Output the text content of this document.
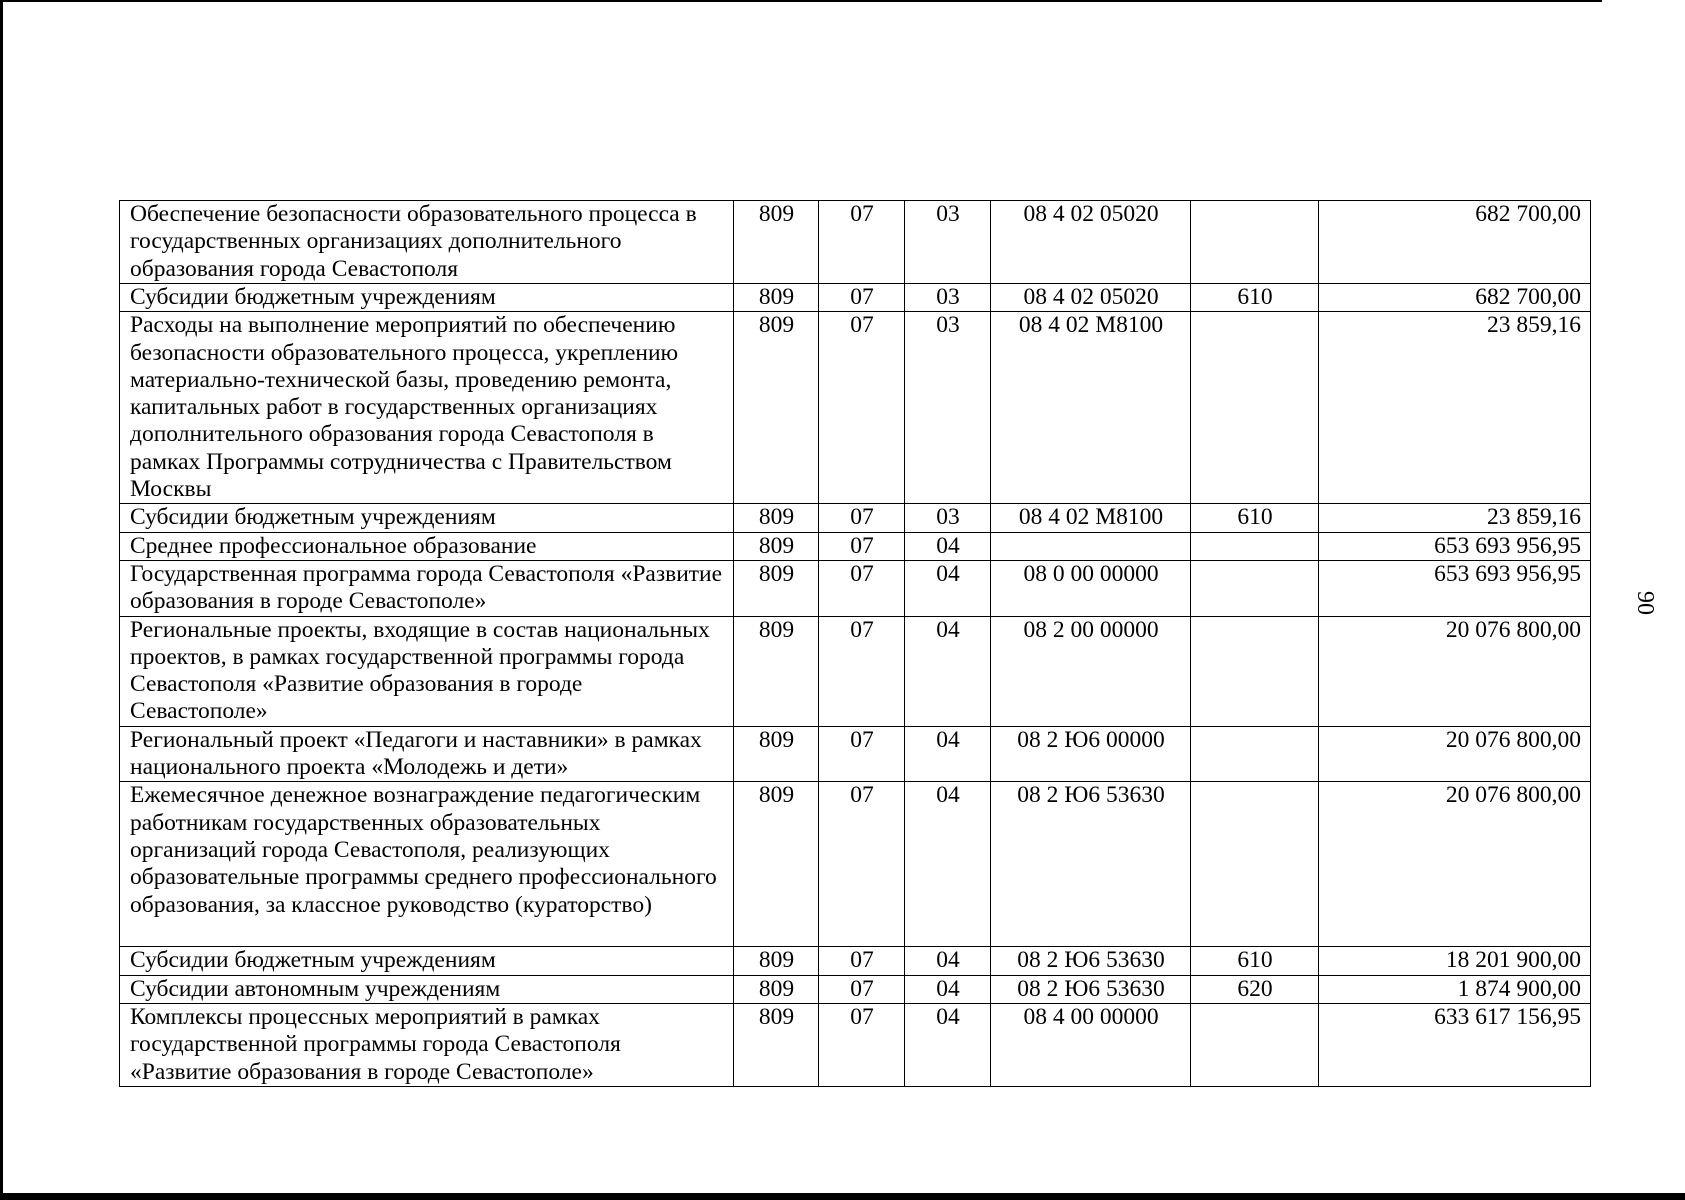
Обеспечение безопасности образовательного процесса в государственных организациях дополнительного образования города Севастополя	809	07	03	08 4 02 05020		682 700,00
Субсидии бюджетным учреждениям	809	07	03	08 4 02 05020	610	682 700,00
Расходы на выполнение мероприятий по обеспечению безопасности образовательного процесса, укреплению материально-технической базы, проведению ремонта, капитальных работ в государственных организациях дополнительного образования города Севастополя в рамках Программы сотрудничества с Правительством Москвы	809	07	03	08 4 02 М8100		23 859,16
Субсидии бюджетным учреждениям	809	07	03	08 4 02 М8100	610	23 859,16
Среднее профессиональное образование	809	07	04			653 693 956,95
Государственная программа города Севастополя «Развитие образования в городе Севастополе»	809	07	04	08 0 00 00000		653 693 956,95
Региональные проекты, входящие в состав национальных проектов, в рамках государственной программы города Севастополя «Развитие образования в городе Севастополе»	809	07	04	08 2 00 00000		20 076 800,00
Региональный проект «Педагоги и наставники» в рамках национального проекта «Молодежь и дети»	809	07	04	08 2 Ю6 00000		20 076 800,00
Ежемесячное денежное вознаграждение педагогическим работникам государственных образовательных организаций города Севастополя, реализующих образовательные программы среднего профессионального образования, за классное руководство (кураторство)	809	07	04	08 2 Ю6 53630		20 076 800,00
Субсидии бюджетным учреждениям	809	07	04	08 2 Ю6 53630	610	18 201 900,00
Субсидии автономным учреждениям	809	07	04	08 2 Ю6 53630	620	1 874 900,00
Комплексы процессных мероприятий в рамках государственной программы города Севастополя «Развитие образования в городе Севастополе»	809	07	04	08 4 00 00000		633 617 156,95
90
